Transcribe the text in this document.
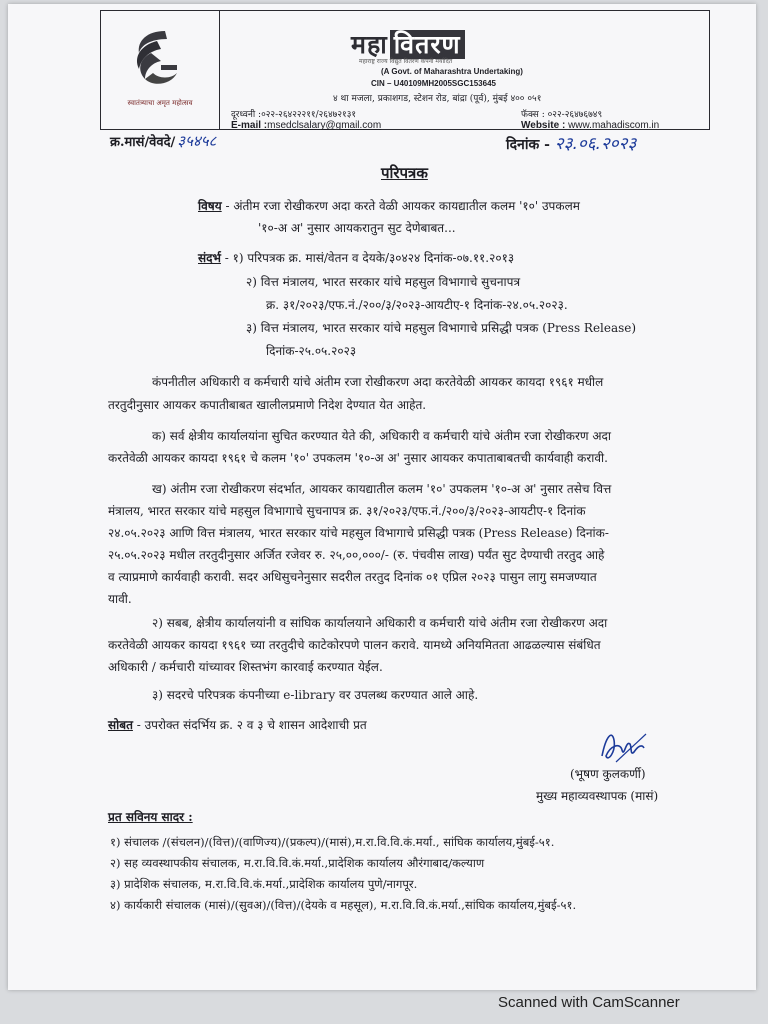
स्वातंत्र्याचा अमृत महोत्सव
महा वितरण
महाराष्ट्र राज्य विद्युत वितरण कंपनी मर्यादित
(A Govt. of Maharashtra Undertaking)
CIN – U40109MH2005SGC153645
४ था मजला, प्रकाशगड, स्टेशन रोड, बांद्रा (पूर्व), मुंबई ४०० ०५१
दूरध्वनी :०२२-२६४२२२११/२६४७२१३१	फॅक्स : ०२२-२६४७६७४९
E-mail :msedclsalary@gmail.com	Website : www.mahadiscom.in
क्र.मासं/वेवदे/ ३५४५८	दिनांक - २३.०६.२०२३
परिपत्रक
विषय - अंतीम रजा रोखीकरण अदा करते वेळी आयकर कायद्यातील कलम '१०' उपकलम
'१०-अ अ' नुसार आयकरातुन सुट देणेबाबत...
संदर्भ - १) परिपत्रक क्र. मासं/वेतन व देयके/३०४२४ दिनांक-०७.११.२०१३
२) वित्त मंत्रालय, भारत सरकार यांचे महसुल विभागाचे सुचनापत्र
क्र. ३१/२०२३/एफ.नं./२००/३/२०२३-आयटीए-१ दिनांक-२४.०५.२०२३.
३) वित्त मंत्रालय, भारत सरकार यांचे महसुल विभागाचे प्रसिद्धी पत्रक (Press Release)
दिनांक-२५.०५.२०२३
कंपनीतील अधिकारी व कर्मचारी यांचे अंतीम रजा रोखीकरण अदा करतेवेळी आयकर कायदा १९६१ मधील
तरतुदीनुसार आयकर कपातीबाबत खालीलप्रमाणे निदेश देण्यात येत आहेत.
क) सर्व क्षेत्रीय कार्यालयांना सुचित करण्यात येते की, अधिकारी व कर्मचारी यांचे अंतीम रजा रोखीकरण अदा
करतेवेळी आयकर कायदा १९६१ चे कलम '१०' उपकलम '१०-अ अ' नुसार आयकर कपाताबाबतची कार्यवाही करावी.
ख) अंतीम रजा रोखीकरण संदर्भात, आयकर कायद्यातील कलम '१०' उपकलम '१०-अ अ' नुसार तसेच वित्त
मंत्रालय, भारत सरकार यांचे महसुल विभागाचे सुचनापत्र क्र. ३१/२०२३/एफ.नं./२००/३/२०२३-आयटीए-१ दिनांक
२४.०५.२०२३ आणि वित्त मंत्रालय, भारत सरकार यांचे महसुल विभागाचे प्रसिद्धी पत्रक (Press Release) दिनांक-
२५.०५.२०२३ मधील तरतुदीनुसार अर्जित रजेवर रु. २५,००,०००/- (रु. पंचवीस लाख) पर्यंत सुट देण्याची तरतुद आहे
व त्याप्रमाणे कार्यवाही करावी. सदर अधिसुचनेनुसार सदरील तरतुद दिनांक ०१ एप्रिल २०२३ पासुन लागु समजण्यात
यावी.
२) सबब, क्षेत्रीय कार्यालयांनी व सांघिक कार्यालयाने अधिकारी व कर्मचारी यांचे अंतीम रजा रोखीकरण अदा
करतेवेळी आयकर कायदा १९६१ च्या तरतुदीचे काटेकोरपणे पालन करावे. यामध्ये अनियमितता आढळल्यास संबंधित
अधिकारी / कर्मचारी यांच्यावर शिस्तभंग कारवाई करण्यात येईल.
३) सदरचे परिपत्रक कंपनीच्या e-library वर उपलब्ध करण्यात आले आहे.
सोबत - उपरोक्त संदर्भिय क्र. २ व ३ चे शासन आदेशाची प्रत
(भूषण कुलकर्णी)
मुख्य महाव्यवस्थापक (मासं)
प्रत सविनय सादर :
१) संचालक /(संचलन)/(वित्त)/(वाणिज्य)/(प्रकल्प)/(मासं),म.रा.वि.वि.कं.मर्या., सांघिक कार्यालय,मुंबई-५१.
२) सह व्यवस्थापकीय संचालक, म.रा.वि.वि.कं.मर्या.,प्रादेशिक कार्यालय औरंगाबाद/कल्याण
३) प्रादेशिक संचालक, म.रा.वि.वि.कं.मर्या.,प्रादेशिक कार्यालय पुणे/नागपूर.
४) कार्यकारी संचालक (मासं)/(सुवअ)/(वित्त)/(देयके व महसूल), म.रा.वि.वि.कं.मर्या.,सांघिक कार्यालय,मुंबई-५१.
Scanned with CamScanner
